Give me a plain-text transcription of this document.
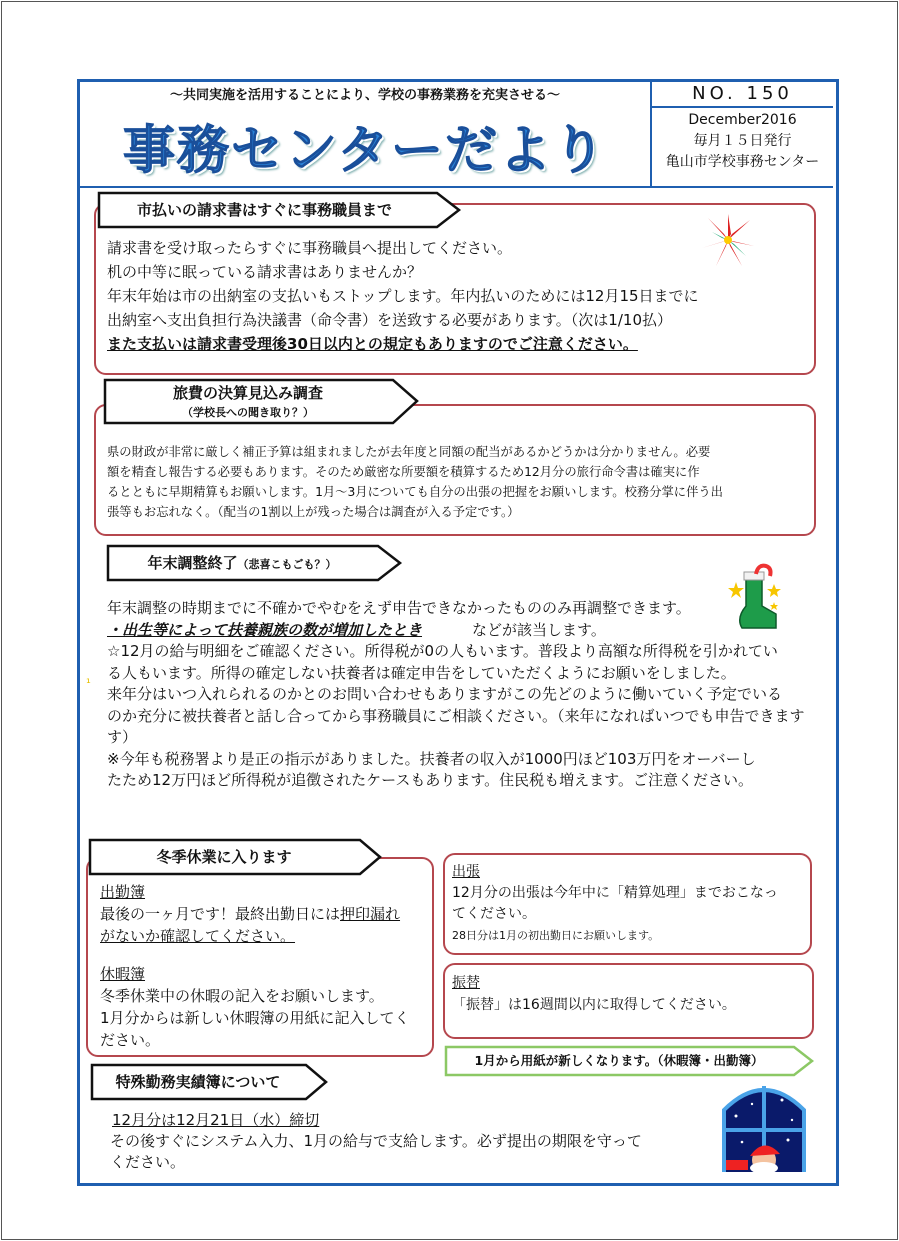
～共同実施を活用することにより、学校の事務業務を充実させる～
事務センターだより
NO. 150
December2016
毎月１５日発行
亀山市学校事務センター
市払いの請求書はすぐに事務職員まで
請求書を受け取ったらすぐに事務職員へ提出してください。
机の中等に眠っている請求書はありませんか？
年末年始は市の出納室の支払いもストップします。年内払いのためには12月15日までに
出納室へ支出負担行為決議書（命令書）を送致する必要があります。（次は1/10払）
また支払いは請求書受理後30日以内との規定もありますのでご注意ください。
旅費の決算見込み調査
（学校長への聞き取り？）
県の財政が非常に厳しく補正予算は組まれましたが去年度と同額の配当があるかどうかは分かりません。必要
額を精査し報告する必要もあります。そのため厳密な所要額を積算するため12月分の旅行命令書は確実に作
るとともに早期精算もお願いします。1月～3月についても自分の出張の把握をお願いします。校務分掌に伴う出
張等もお忘れなく。（配当の1割以上が残った場合は調査が入る予定です。）
年末調整終了（悲喜こもごも？）
¹
年末調整の時期までに不確かでやむをえず申告できなかったもののみ再調整できます。
・出生等によって扶養親族の数が増加したとき	などが該当します。
☆12月の給与明細をご確認ください。所得税が0の人もいます。普段より高額な所得税を引かれてい
る人もいます。所得の確定しない扶養者は確定申告をしていただくようにお願いをしました。
来年分はいつ入れられるのかとのお問い合わせもありますがこの先どのように働いていく予定でいる
のか充分に被扶養者と話し合ってから事務職員にご相談ください。（来年になればいつでも申告できます
す）
※今年も税務署より是正の指示がありました。扶養者の収入が1000円ほど103万円をオーバーし
たため12万円ほど所得税が追徴されたケースもあります。住民税も増えます。ご注意ください。
冬季休業に入ります
出勤簿
最後の一ヶ月です！最終出勤日には押印漏れ
がないか確認してください。
休暇簿
冬季休業中の休暇の記入をお願いします。
1月分からは新しい休暇簿の用紙に記入してく
ださい。
出張
12月分の出張は今年中に「精算処理」までおこなっ
てください。
28日分は1月の初出勤日にお願いします。
振替
「振替」は16週間以内に取得してください。
1月から用紙が新しくなります。（休暇簿・出勤簿）
特殊勤務実績簿について
12月分は12月21日（水）締切
その後すぐにシステム入力、1月の給与で支給します。必ず提出の期限を守って
ください。
